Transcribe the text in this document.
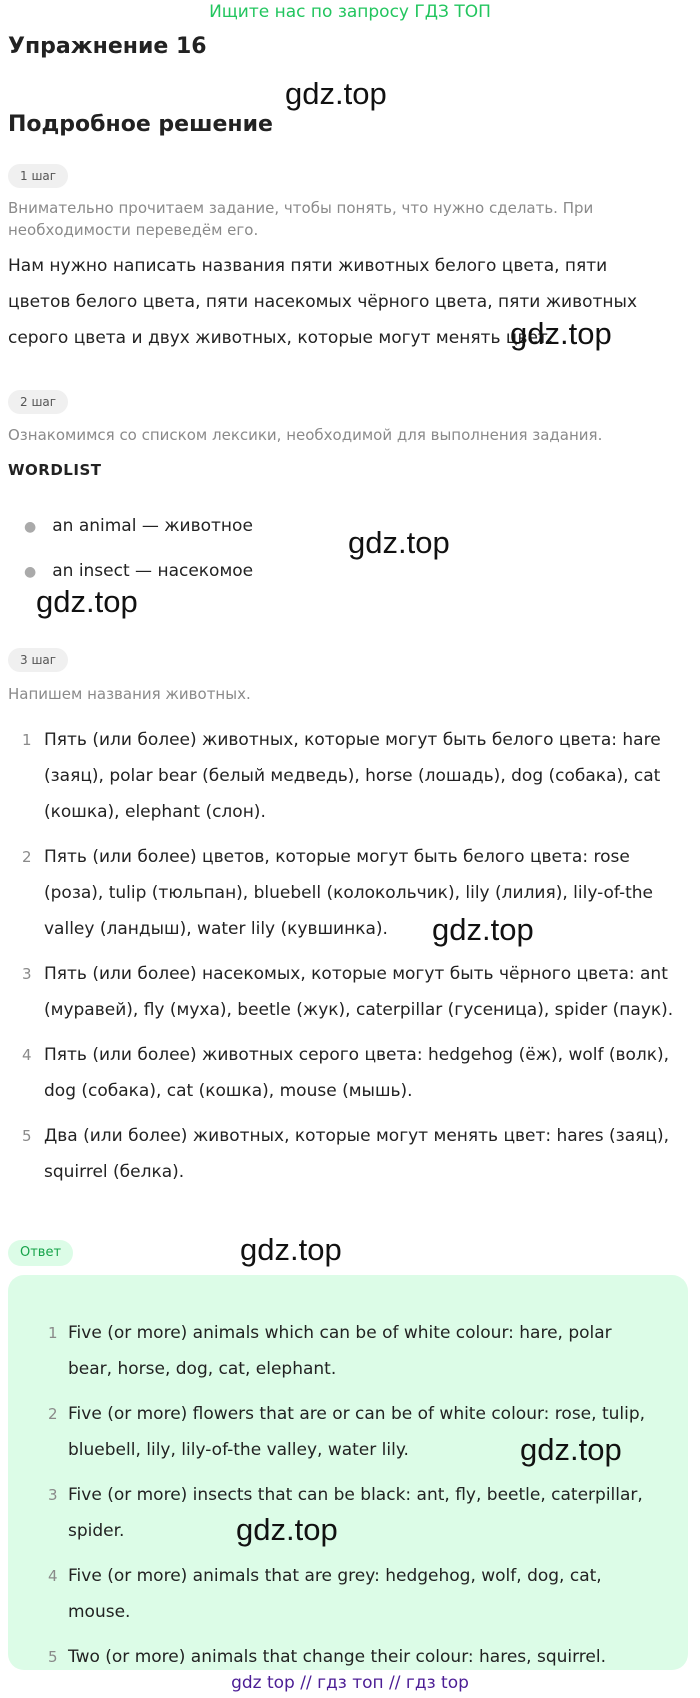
Ищите нас по запросу ГДЗ ТОП
Упражнение 16
gdz.top
Подробное решение
1 шаг
Внимательно прочитаем задание, чтобы понять, что нужно сделать. При необходимости переведём его.
Нам нужно написать названия пяти животных белого цвета, пяти цветов белого цвета, пяти насекомых чёрного цвета, пяти животных серого цвета и двух животных, которые могут менять цвет.
gdz.top
2 шаг
Ознакомимся со списком лексики, необходимой для выполнения задания.
WORDLIST
● an animal — животное	gdz.top
● an insect — насекомое
gdz.top
3 шаг
Напишем названия животных.
1 Пять (или более) животных, которые могут быть белого цвета: hare (заяц), polar bear (белый медведь), horse (лошадь), dog (собака), cat (кошка), elephant (слон).
2 Пять (или более) цветов, которые могут быть белого цвета: rose (роза), tulip (тюльпан), bluebell (колокольчик), lily (лилия), lily-of-the valley (ландыш), water lily (кувшинка).
3 Пять (или более) насекомых, которые могут быть чёрного цвета: ant (муравей), fly (муха), beetle (жук), caterpillar (гусеница), spider (паук).
4 Пять (или более) животных серого цвета: hedgehog (ёж), wolf (волк), dog (собака), cat (кошка), mouse (мышь).
5 Два (или более) животных, которые могут менять цвет: hares (заяц), squirrel (белка).
gdz.top
Ответ	gdz.top
1 Five (or more) animals which can be of white colour: hare, polar bear, horse, dog, cat, elephant.
2 Five (or more) flowers that are or can be of white colour: rose, tulip, bluebell, lily, lily-of-the valley, water lily.
3 Five (or more) insects that can be black: ant, fly, beetle, caterpillar, spider.
4 Five (or more) animals that are grey: hedgehog, wolf, dog, cat, mouse.
5 Two (or more) animals that change their colour: hares, squirrel.
gdz.top
gdz.top
gdz top // гдз топ // гдз top
